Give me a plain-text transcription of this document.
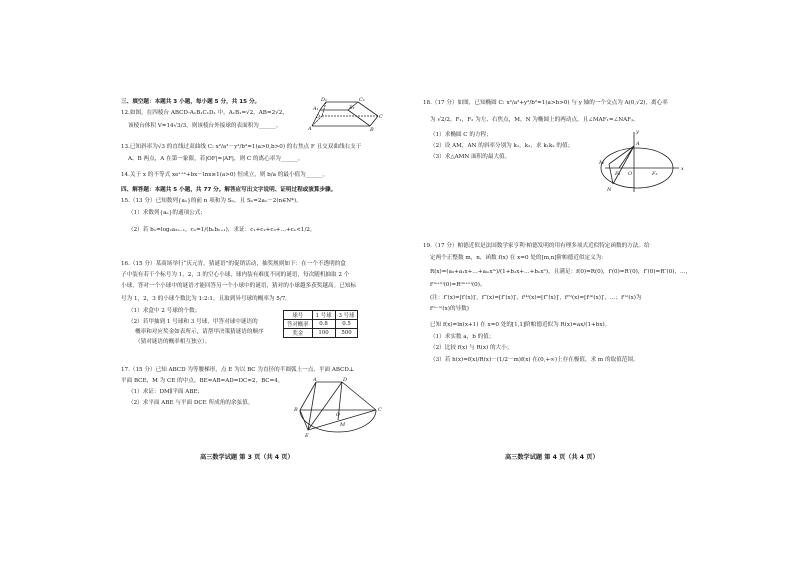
三、填空题：本题共 3 小题，每小题 5 分，共 15 分。
12.如图，在四棱台 ABCD-A₁B₁C₁D₁ 中，A₁B₁=√2，AB=2√2，
该棱台体积 V=14√3/3，则该棱台外接球的表面积为______。
D₁	C₁
A₁	B₁
D	C
A	B
13.已知斜率为√3 的直线过双曲线 C: x²/a²－y²/b²=1(a>0,b>0) 的右焦点 F 且交双曲线右支于
A、B 两点，A 在第一象限，若|OF|=|AF|，则 C 的离心率为______。
14.关于 x 的不等式 xeˣ⁺ᵃ+bx－lnx≥1(a>0) 恒成立，则 b/a 的最小值为______。
四、解答题：本题共 5 小题，共 77 分。解答应写出文字说明、证明过程或演算步骤。
15.（13 分）已知数列{aₙ}的前 n 项和为 Sₙ，且 Sₙ=2aₙ－2(n∈N*)。
（1）求数列{aₙ}的通项公式；
（2）若 bₙ=log₂a₂ₙ₋₁，cₙ=1/(bₙbₙ₊₁)，求证：c₁+c₂+c₃+…+cₙ<1/2。
16.（15 分）某商场举行“庆元宵，猜谜语”的促销活动，抽奖规则如下：在一个不透明的盒
子中装有若干个标号为 1，2，3 的空心小球，球内装有难度不同的谜语，每次随机抽取 2 个
小球，答对一个小球中的谜语才能回答另一个小球中的谜语，猜对的小球越多获奖越高。已知标
号为 1，2，3 的小球个数比为 1:2:1，且取到异号球的概率为 5/7。
（1）求盒中 2 号球的个数；
（2）若甲抽到 1 号球和 3 号球，甲答对球中谜语的
概率和对应奖金如表所示，请帮甲决策猜谜语的顺序
（猜对谜语的概率相互独立）。
球号	1 号球	3 号球
答对概率	0.8	0.5
奖金	100	500
17.（15 分）已知 ABCD 为等腰梯形，点 E 为以 BC 为直径的半圆弧上一点，平面 ABCD⊥
平面 BCE，M 为 CE 的中点，BE=AB=AD=DC=2，BC=4。
（1）求证：DM∥平面 ABE；
（2）求平面 ABE 与平面 DCE 所成角的余弦值。
A	D
B	C
O
M
E
高三数学试题 第 3 页（共 4 页）
18.（17 分）如图，已知椭圆 C: x²/a²+y²/b²=1(a>b>0) 与 y 轴的一个交点为 A(0,√2)，离心率
为 √2/2，F₁，F₂ 为左、右焦点，M，N 为椭圆上的两动点，且∠MAF₁=∠NAF₁。
（1）求椭圆 C 的方程；
（2）设 AM，AN 的斜率分别为 k₁，k₂，求 k₁k₂ 的值；
（3）求△AMN 面积的最大值。
y
A
M
F₁ O	F₂
x
N
19.（17 分）帕德近似是法国数学家亨利·帕德发明的用有理多项式近似特定函数的方法。给
定两个正整数 m，n，函数 f(x) 在 x=0 处的[m,n]阶帕德近似定义为：
R(x)=(a₀+a₁x+…+aₘxᵐ)/(1+b₁x+…+bₙxⁿ)，且满足：f(0)=R(0)，f′(0)=R′(0)，f″(0)=R″(0)，…，
f⁽ᵐ⁺ⁿ⁾(0)=R⁽ᵐ⁺ⁿ⁾(0)。
(注：f″(x)=[f′(x)]′，f‴(x)=[f″(x)]′，f⁽⁴⁾(x)=[f‴(x)]′，f⁽⁵⁾(x)=[f⁽⁴⁾(x)]′，…；f⁽ⁿ⁾(x)为
f⁽ⁿ⁻¹⁾(x)的导数)
已知 f(x)=ln(x+1) 在 x=0 处的[1,1]阶帕德近似为 R(x)=ax/(1+bx)。
（1）求实数 a，b 的值；
（2）比较 f(x) 与 R(x) 的大小；
（3）若 h(x)=f(x)/R(x)－(1/2－m)f(x) 在(0,+∞)上存在极值，求 m 的取值范围。
高三数学试题 第 4 页（共 4 页）
